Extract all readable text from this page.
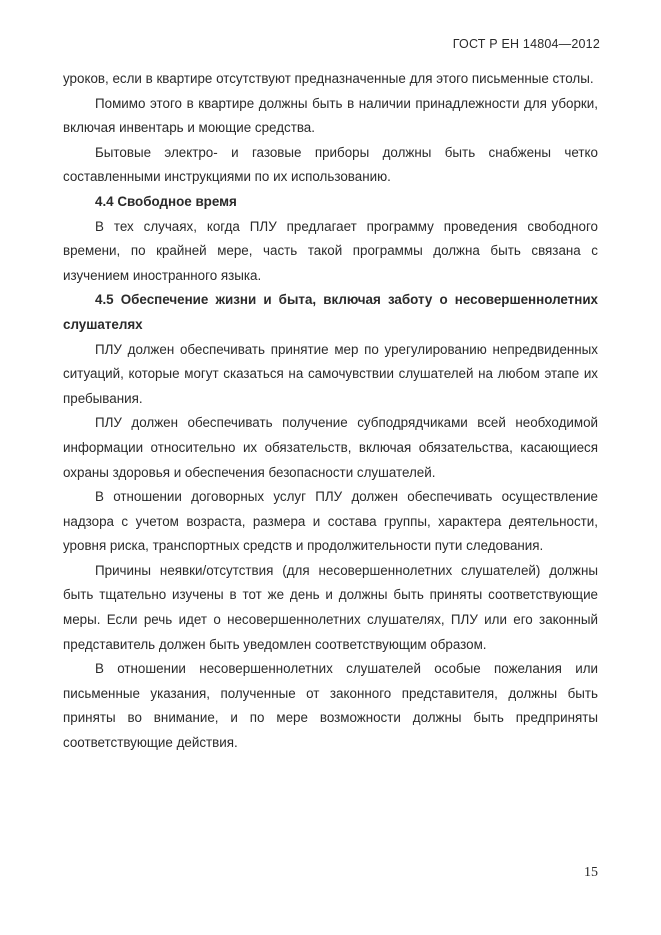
ГОСТ Р ЕН 14804—2012

уроков, если в квартире отсутствуют предназначенные для этого письменные столы.

Помимо этого в квартире должны быть в наличии принадлежности для уборки, включая инвентарь и моющие средства.

Бытовые электро- и газовые приборы должны быть снабжены четко составленными инструкциями по их использованию.

4.4 Свободное время

В тех случаях, когда ПЛУ предлагает программу проведения свободного времени, по крайней мере, часть такой программы должна быть связана с изучением иностранного языка.

4.5 Обеспечение жизни и быта, включая заботу о несовершеннолетних слушателях

ПЛУ должен обеспечивать принятие мер по урегулированию непредвиденных ситуаций, которые могут сказаться на самочувствии слушателей на любом этапе их пребывания.

ПЛУ должен обеспечивать получение субподрядчиками всей необходимой информации относительно их обязательств, включая обязательства, касающиеся охраны здоровья и обеспечения безопасности слушателей.

В отношении договорных услуг ПЛУ должен обеспечивать осуществление надзора с учетом возраста, размера и состава группы, характера деятельности, уровня риска, транспортных средств и продолжительности пути следования.

Причины неявки/отсутствия (для несовершеннолетних слушателей) должны быть тщательно изучены в тот же день и должны быть приняты соответствующие меры. Если речь идет о несовершеннолетних слушателях, ПЛУ или его законный представитель должен быть уведомлен соответствующим образом.

В отношении несовершеннолетних слушателей особые пожелания или письменные указания, полученные от законного представителя, должны быть приняты во внимание, и по мере возможности должны быть предприняты соответствующие действия.

15
